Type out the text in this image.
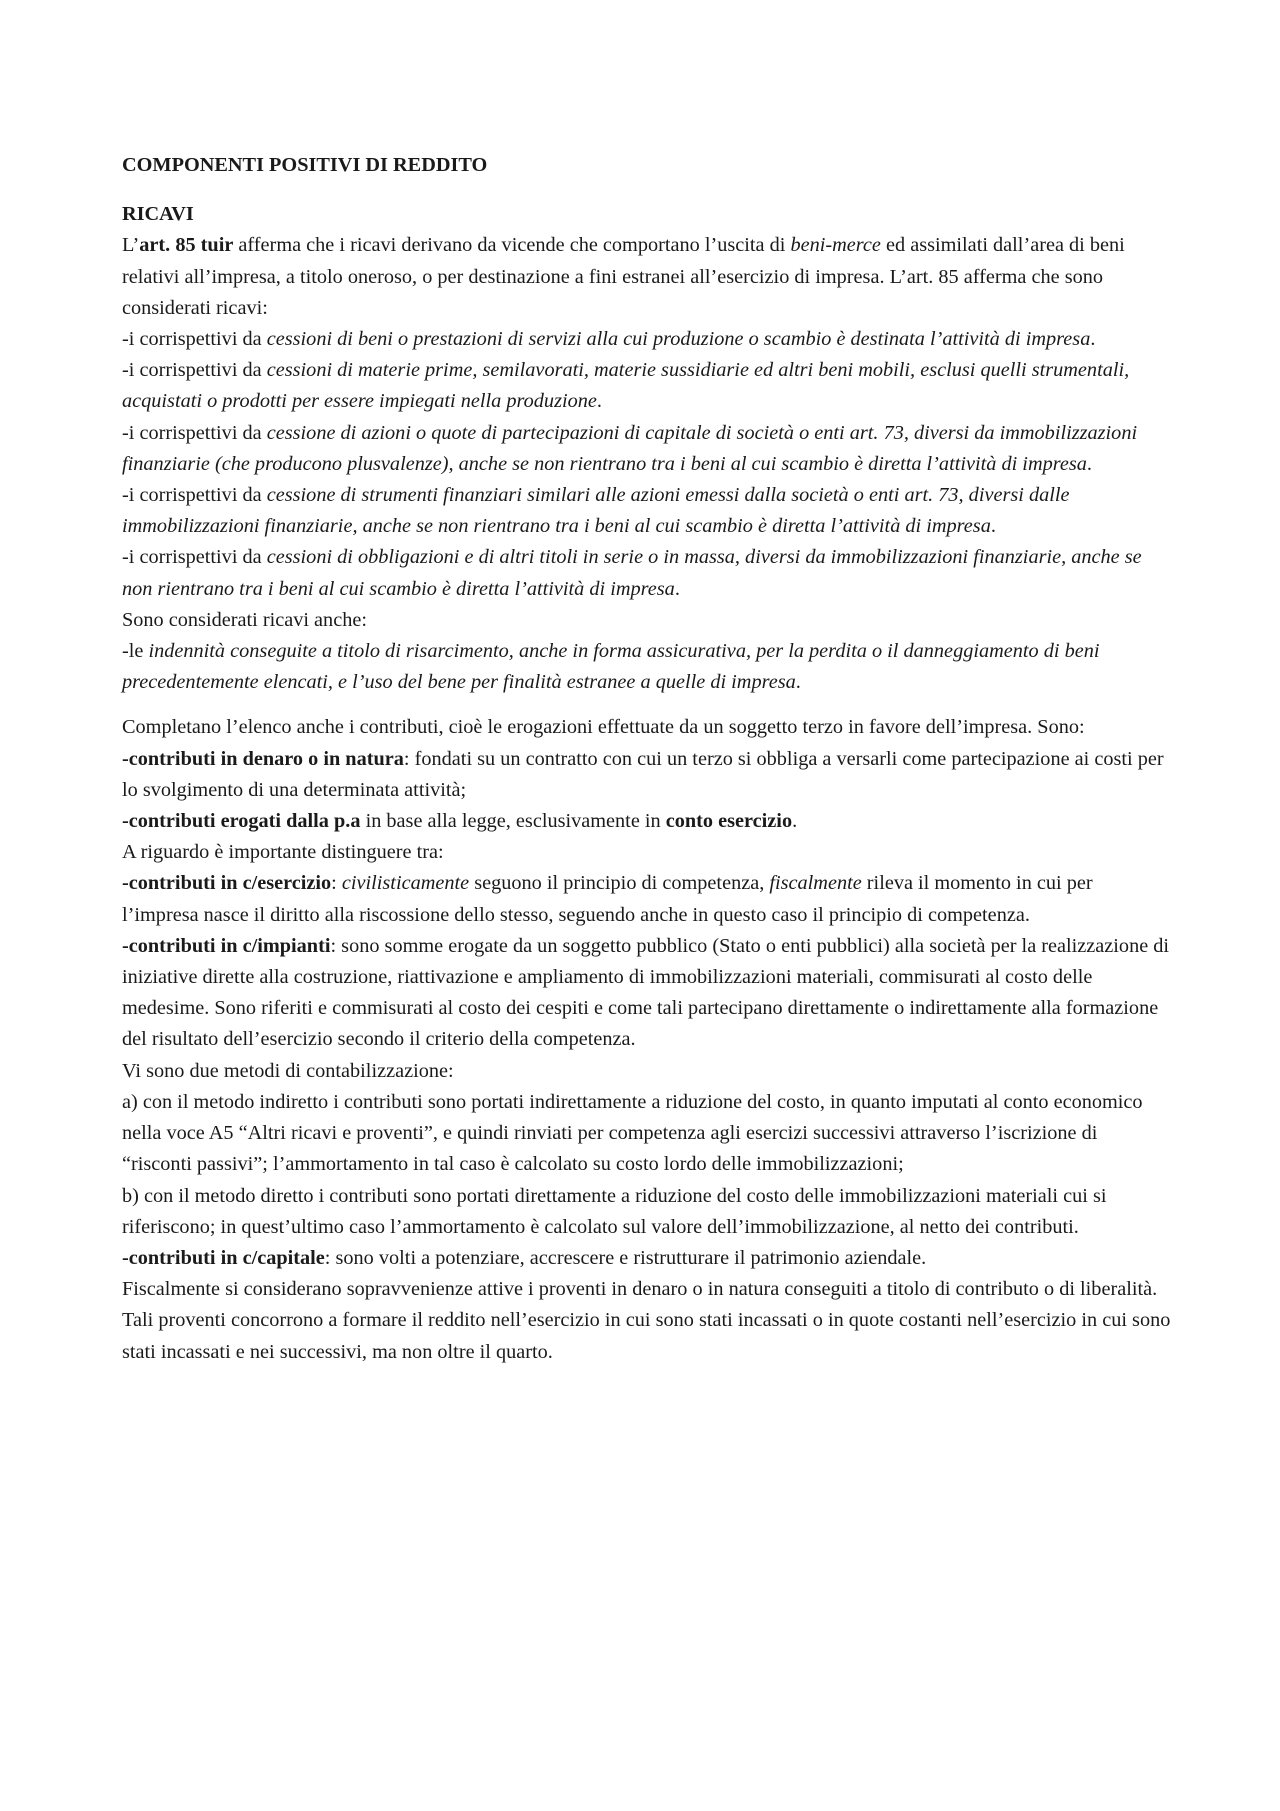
COMPONENTI POSITIVI DI REDDITO

RICAVI

L’art. 85 tuir afferma che i ricavi derivano da vicende che comportano l’uscita di beni-merce ed assimilati dall’area di beni relativi all’impresa, a titolo oneroso, o per destinazione a fini estranei all’esercizio di impresa. L’art. 85 afferma che sono considerati ricavi:

-i corrispettivi da cessioni di beni o prestazioni di servizi alla cui produzione o scambio è destinata l’attività di impresa.

-i corrispettivi da cessioni di materie prime, semilavorati, materie sussidiarie ed altri beni mobili, esclusi quelli strumentali, acquistati o prodotti per essere impiegati nella produzione.

-i corrispettivi da cessione di azioni o quote di partecipazioni di capitale di società o enti art. 73, diversi da immobilizzazioni finanziarie (che producono plusvalenze), anche se non rientrano tra i beni al cui scambio è diretta l’attività di impresa.

-i corrispettivi da cessione di strumenti finanziari similari alle azioni emessi dalla società o enti art. 73, diversi dalle immobilizzazioni finanziarie, anche se non rientrano tra i beni al cui scambio è diretta l’attività di impresa.

-i corrispettivi da cessioni di obbligazioni e di altri titoli in serie o in massa, diversi da immobilizzazioni finanziarie, anche se non rientrano tra i beni al cui scambio è diretta l’attività di impresa.

Sono considerati ricavi anche:

-le indennità conseguite a titolo di risarcimento, anche in forma assicurativa, per la perdita o il danneggiamento di beni precedentemente elencati, e l’uso del bene per finalità estranee a quelle di impresa.

Completano l’elenco anche i contributi, cioè le erogazioni effettuate da un soggetto terzo in favore dell’impresa. Sono:

-contributi in denaro o in natura: fondati su un contratto con cui un terzo si obbliga a versarli come partecipazione ai costi per lo svolgimento di una determinata attività;

-contributi erogati dalla p.a in base alla legge, esclusivamente in conto esercizio.

A riguardo è importante distinguere tra:

-contributi in c/esercizio: civilisticamente seguono il principio di competenza, fiscalmente rileva il momento in cui per l’impresa nasce il diritto alla riscossione dello stesso, seguendo anche in questo caso il principio di competenza.

-contributi in c/impianti: sono somme erogate da un soggetto pubblico (Stato o enti pubblici) alla società per la realizzazione di iniziative dirette alla costruzione, riattivazione e ampliamento di immobilizzazioni materiali, commisurati al costo delle medesime. Sono riferiti e commisurati al costo dei cespiti e come tali partecipano direttamente o indirettamente alla formazione del risultato dell’esercizio secondo il criterio della competenza.

Vi sono due metodi di contabilizzazione:

a) con il metodo indiretto i contributi sono portati indirettamente a riduzione del costo, in quanto imputati al conto economico nella voce A5 “Altri ricavi e proventi”, e quindi rinviati per competenza agli esercizi successivi attraverso l’iscrizione di “risconti passivi”; l’ammortamento in tal caso è calcolato su costo lordo delle immobilizzazioni;

b) con il metodo diretto i contributi sono portati direttamente a riduzione del costo delle immobilizzazioni materiali cui si riferiscono; in quest’ultimo caso l’ammortamento è calcolato sul valore dell’immobilizzazione, al netto dei contributi.

-contributi in c/capitale: sono volti a potenziare, accrescere e ristrutturare il patrimonio aziendale.

Fiscalmente si considerano sopravvenienze attive i proventi in denaro o in natura conseguiti a titolo di contributo o di liberalità. Tali proventi concorrono a formare il reddito nell’esercizio in cui sono stati incassati o in quote costanti nell’esercizio in cui sono stati incassati e nei successivi, ma non oltre il quarto.
